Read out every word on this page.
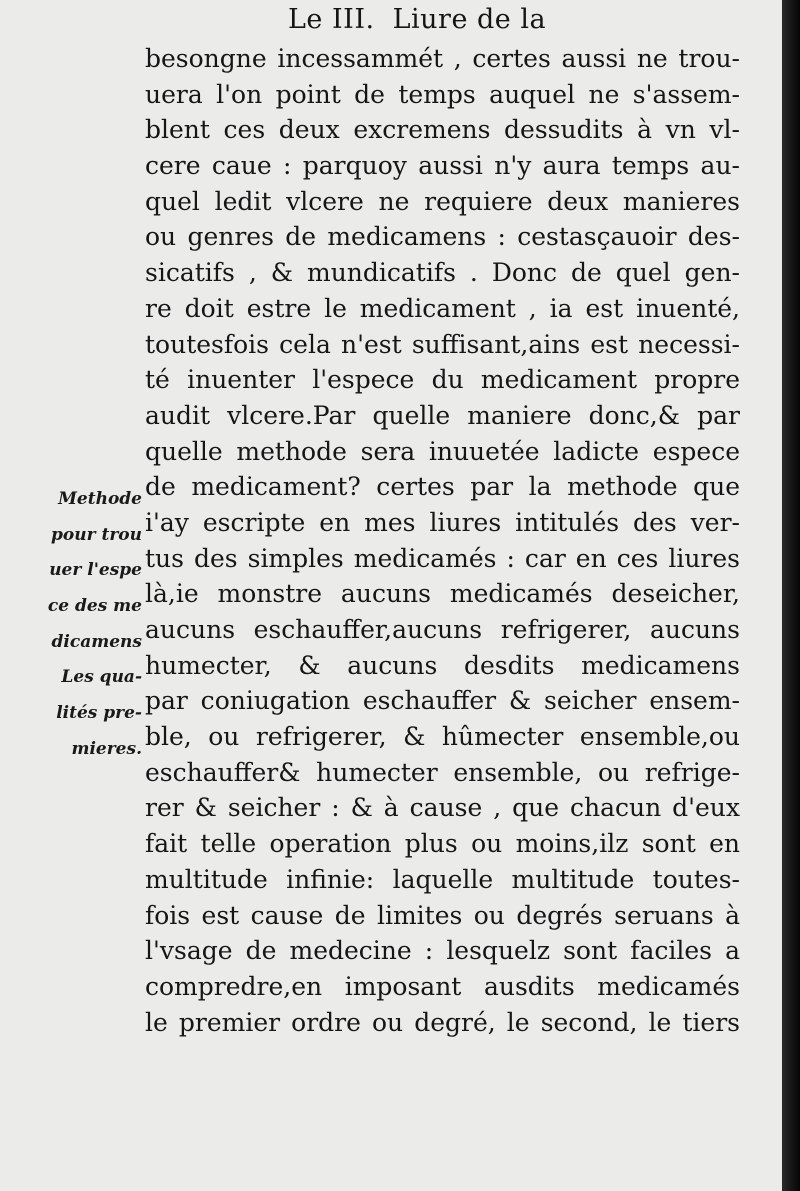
Le III. Liure de la
Methode
pour trou
uer l'espe
ce des me
dicamens
Les qua-
lités pre-
mieres.
besongne incessammét , certes aussi ne trou-
uera l'on point de temps auquel ne s'assem-
blent ces deux excremens dessudits à vn vl-
cere caue : parquoy aussi n'y aura temps au-
quel ledit vlcere ne requiere deux manieres
ou genres de medicamens : cestasçauoir des-
sicatifs , & mundicatifs . Donc de quel gen-
re doit estre le medicament , ia est inuenté,
toutesfois cela n'est suffisant,ains est necessi-
té inuenter l'espece du medicament propre
audit vlcere.Par quelle maniere donc,& par
quelle methode sera inuuetée ladicte espece
de medicament? certes par la methode que
i'ay escripte en mes liures intitulés des ver-
tus des simples medicamés : car en ces liures
là,ie monstre aucuns medicamés deseicher,
aucuns eschauffer,aucuns refrigerer, aucuns
humecter, & aucuns desdits medicamens
par coniugation eschauffer & seicher ensem-
ble, ou refrigerer, & hûmecter ensemble,ou
eschauffer& humecter ensemble, ou refrige-
rer & seicher : & à cause , que chacun d'eux
fait telle operation plus ou moins,ilz sont en
multitude infinie: laquelle multitude toutes-
fois est cause de limites ou degrés seruans à
l'vsage de medecine : lesquelz sont faciles a
compredre,en imposant ausdits medicamés
le premier ordre ou degré, le second, le tiers
